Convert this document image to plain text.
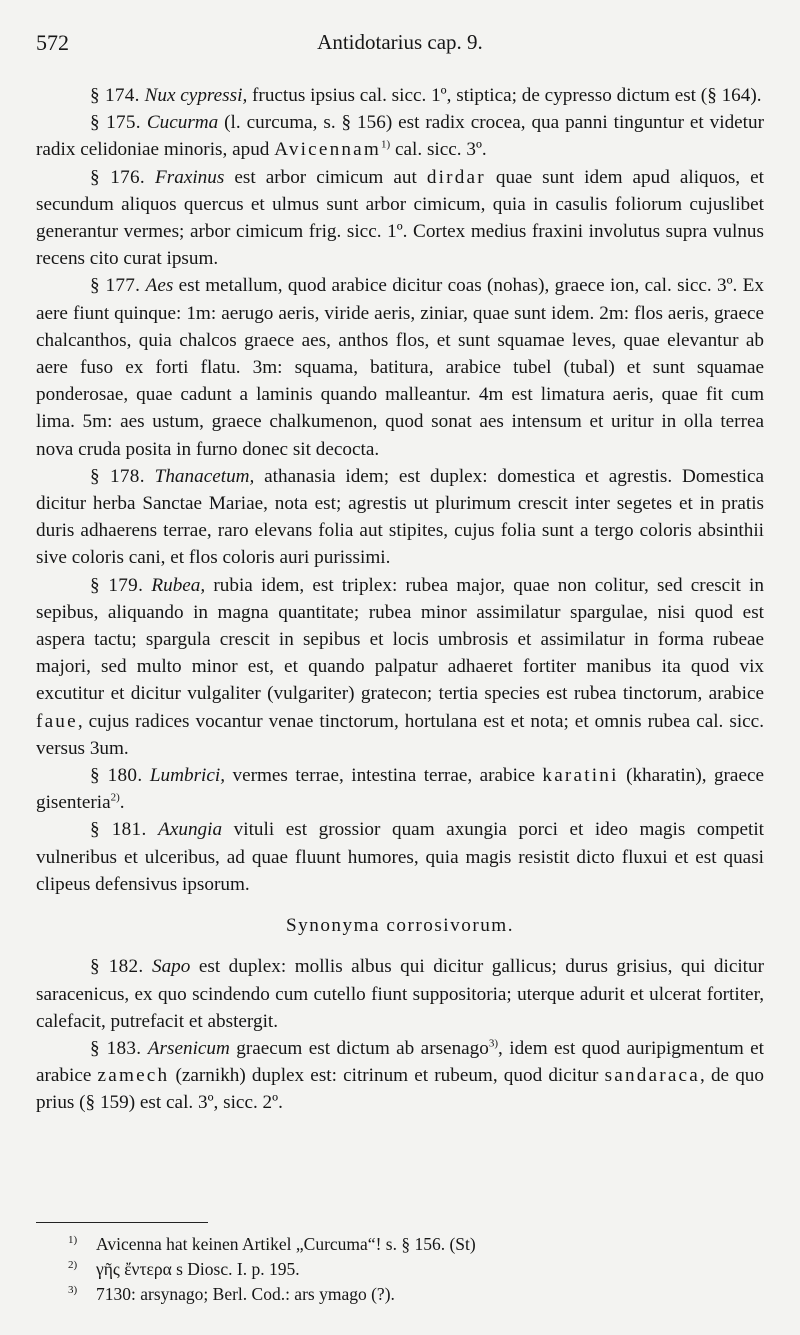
572	Antidotarius cap. 9.

§ 174. Nux cypressi, fructus ipsius cal. sicc. 1º, stiptica; de cypresso dictum est (§ 164).

§ 175. Cucurma (l. curcuma, s. § 156) est radix crocea, qua panni tinguntur et videtur radix celidoniae minoris, apud Avicennam$^{1)}$ cal. sicc. 3º.

§ 176. Fraxinus est arbor cimicum aut dirdar quae sunt idem apud aliquos, et secundum aliquos quercus et ulmus sunt arbor cimicum, quia in casulis foliorum cujuslibet generantur vermes; arbor cimicum frig. sicc. 1º. Cortex medius fraxini involutus supra vulnus recens cito curat ipsum.

§ 177. Aes est metallum, quod arabice dicitur coas (nohas), graece ion, cal. sicc. 3º. Ex aere fiunt quinque: 1m: aerugo aeris, viride aeris, ziniar, quae sunt idem. 2m: flos aeris, graece chalcanthos, quia chalcos graece aes, anthos flos, et sunt squamae leves, quae elevantur ab aere fuso ex forti flatu. 3m: squama, batitura, arabice tubel (tubal) et sunt squamae ponderosae, quae cadunt a laminis quando malleantur. 4m est limatura aeris, quae fit cum lima. 5m: aes ustum, graece chalkumenon, quod sonat aes intensum et uritur in olla terrea nova cruda posita in furno donec sit decocta.

§ 178. Thanacetum, athanasia idem; est duplex: domestica et agrestis. Domestica dicitur herba Sanctae Mariae, nota est; agrestis ut plurimum crescit inter segetes et in pratis duris adhaerens terrae, raro elevans folia aut stipites, cujus folia sunt a tergo coloris absinthii sive coloris cani, et flos coloris auri purissimi.

§ 179. Rubea, rubia idem, est triplex: rubea major, quae non colitur, sed crescit in sepibus, aliquando in magna quantitate; rubea minor assimilatur spargulae, nisi quod est aspera tactu; spargula crescit in sepibus et locis umbrosis et assimilatur in forma rubeae majori, sed multo minor est, et quando palpatur adhaeret fortiter manibus ita quod vix excutitur et dicitur vulgaliter (vulgariter) gratecon; tertia species est rubea tinctorum, arabice faue, cujus radices vocantur venae tinctorum, hortulana est et nota; et omnis rubea cal. sicc. versus 3um.

§ 180. Lumbrici, vermes terrae, intestina terrae, arabice karatini (kharatin), graece gisenteria$^{2)}$.

§ 181. Axungia vituli est grossior quam axungia porci et ideo magis competit vulneribus et ulceribus, ad quae fluunt humores, quia magis resistit dicto fluxui et est quasi clipeus defensivus ipsorum.

Synonyma corrosivorum.

§ 182. Sapo est duplex: mollis albus qui dicitur gallicus; durus grisius, qui dicitur saracenicus, ex quo scindendo cum cutello fiunt suppositoria; uterque adurit et ulcerat fortiter, calefacit, putrefacit et abstergit.

§ 183. Arsenicum graecum est dictum ab arsenago$^{3)}$, idem est quod auripigmentum et arabice zamech (zarnikh) duplex est: citrinum et rubeum, quod dicitur sandaraca, de quo prius (§ 159) est cal. 3º, sicc. 2º.

$^{1)}$ Avicenna hat keinen Artikel „Curcuma“! s. § 156. (St)
$^{2)}$ γῆς ἔντερα s Diosc. I. p. 195.
$^{3)}$ 7130: arsynago; Berl. Cod.: ars ymago (?).
